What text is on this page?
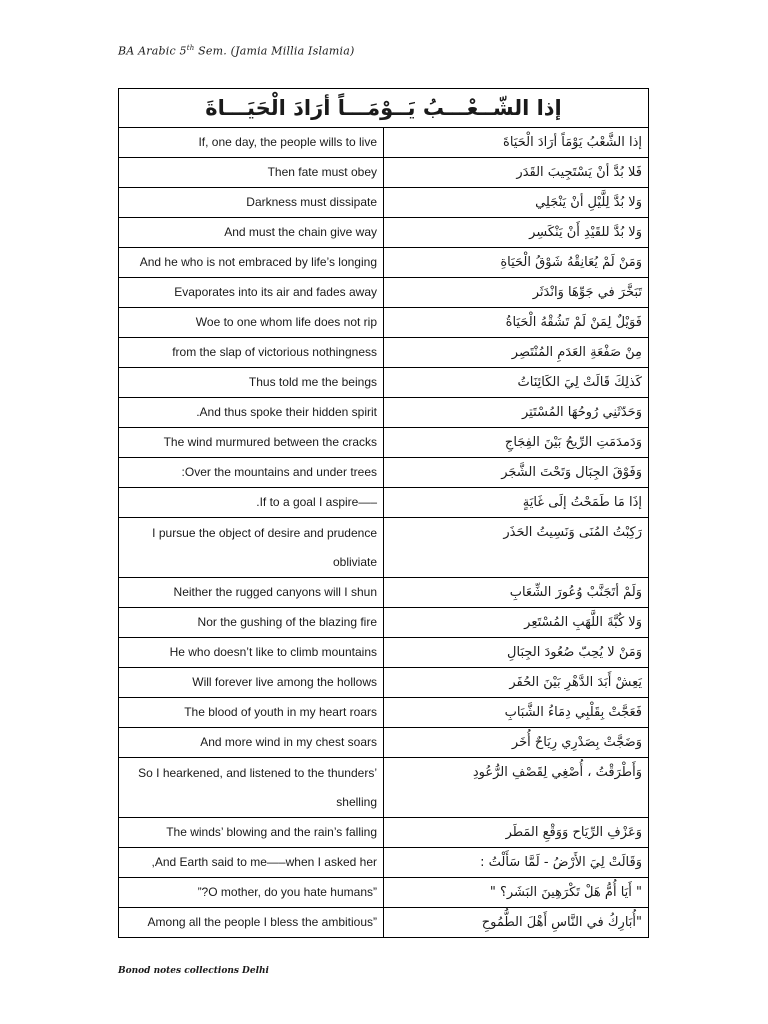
BA Arabic 5th Sem. (Jamia Millia Islamia)
إذا الشّــعْـــبُ يَــوْمَـــاً أرَادَ الْحَيَـــاةَ	
If, one day, the people wills to live	إذا الشَّعْبُ يَوْمَاً أرَادَ الْحَيَاةَ
Then fate must obey	فَلا بُدَّ أنْ يَسْتَجِيبَ القَدَر
Darkness must dissipate	وَلا بُدَّ لِلَّيْلِ أنْ يَنْجَلِي
And must the chain give way	وَلا بُدَّ للقَيْدِ أَنْ يَنْكَسِر
And he who is not embraced by life’s longing	وَمَنْ لَمْ يُعَانِقْهُ شَوْقُ الْحَيَاةِ
Evaporates into its air and fades away	تَبَخَّرَ في جَوِّهَا وَانْدَثَر
Woe to one whom life does not rip	فَوَيْلٌ لِمَنْ لَمْ تَشُقْهُ الْحَيَاةُ
from the slap of victorious nothingness	مِنْ صَفْعَةِ العَدَمِ المُنْتَصِر
Thus told me the beings	كَذلِكَ قَالَتْ لِيَ الكَائِنَاتُ
.And thus spoke their hidden spirit	وَحَدّثَنِي رُوحُهَا المُسْتَتِر
The wind murmured between the cracks	وَدَمدَمَتِ الرِّيحُ بَيْنَ الفِجَاجِ
:Over the mountains and under trees	وَفَوْقَ الجِبَال وَتَحْتَ الشَّجَر
.If to a goal I aspire—–	إذَا مَا طَمَحْتُ إلَى غَايَةٍ
I pursue the object of desire and prudence obliviate	رَكِبْتُ المُنَى وَنَسِيتُ الحَذَر
Neither the rugged canyons will I shun	وَلَمْ أتَجَنَّبْ وُعُورَ الشِّعَابِ
Nor the gushing of the blazing fire	وَلا كُبَّةَ اللَّهَبِ المُسْتَعِر
He who doesn’t like to climb mountains	وَمَنْ لا يُحِبّ صُعُودَ الجِبَالِ
Will forever live among the hollows	يَعِشْ أَبَدَ الدَّهْرِ بَيْنَ الحُفَر
The blood of youth in my heart roars	فَعَجَّتْ بِقَلْبِي دِمَاءُ الشَّبَابِ
And more wind in my chest soars	وَضَجَّتْ بِصَدْرِي رِيَاحٌ أُخَر
So I hearkened, and listened to the thunders’ shelling	وَأَطْرَقْتُ ، أُصْغِي لِقَصْفِ الرُّعُودِ
The winds’ blowing and the rain’s falling	وَعَزْفِ الرِّيَاح وَوَقْعِ المَطَر
,And Earth said to me—–when I asked her	وَقَالَتْ لِيَ الأَرْضُ - لَمَّا سَأَلْتُ :
”?O mother, do you hate humans”	" أَيَا أُمُّ هَلْ تَكْرَهِينَ البَشَر؟ "
Among all the people I bless the ambitious”	"أُبَارِكُ في النَّاسِ أَهْلَ الطُّمُوحِ
Bonod notes collections Delhi
